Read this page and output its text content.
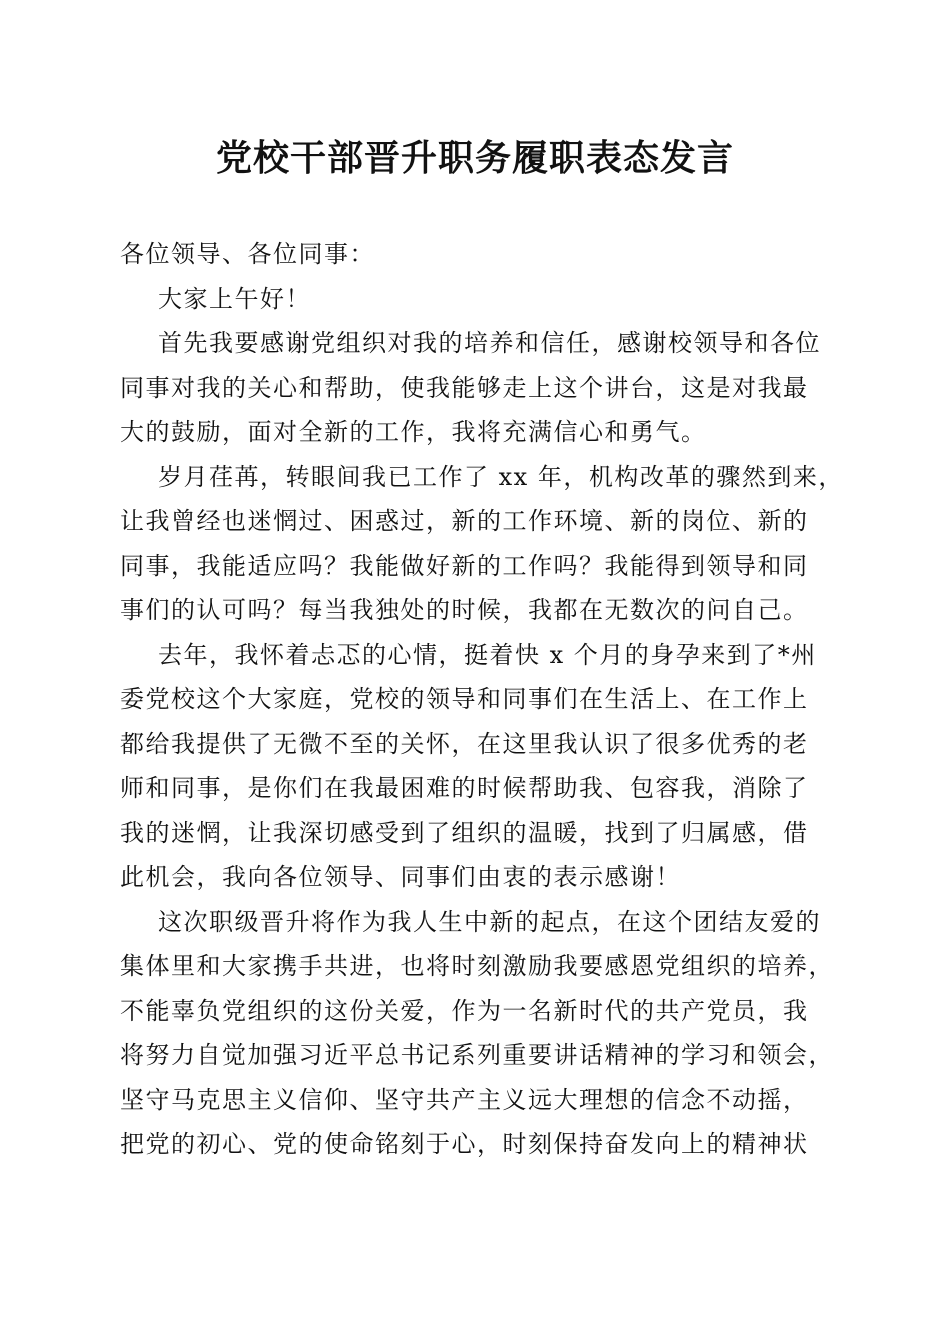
党校干部晋升职务履职表态发言

各位领导、各位同事：

大家上午好！

首先我要感谢党组织对我的培养和信任，感谢校领导和各位
同事对我的关心和帮助，使我能够走上这个讲台，这是对我最
大的鼓励，面对全新的工作，我将充满信心和勇气。

岁月荏苒，转眼间我已工作了 xx 年，机构改革的骤然到来，
让我曾经也迷惘过、困惑过，新的工作环境、新的岗位、新的
同事，我能适应吗？我能做好新的工作吗？我能得到领导和同
事们的认可吗？每当我独处的时候，我都在无数次的问自己。

去年，我怀着忐忑的心情，挺着快 x 个月的身孕来到了*州
委党校这个大家庭，党校的领导和同事们在生活上、在工作上
都给我提供了无微不至的关怀，在这里我认识了很多优秀的老
师和同事，是你们在我最困难的时候帮助我、包容我，消除了
我的迷惘，让我深切感受到了组织的温暖，找到了归属感，借
此机会，我向各位领导、同事们由衷的表示感谢！

这次职级晋升将作为我人生中新的起点，在这个团结友爱的
集体里和大家携手共进，也将时刻激励我要感恩党组织的培养，
不能辜负党组织的这份关爱，作为一名新时代的共产党员，我
将努力自觉加强习近平总书记系列重要讲话精神的学习和领会，
坚守马克思主义信仰、坚守共产主义远大理想的信念不动摇，
把党的初心、党的使命铭刻于心，时刻保持奋发向上的精神状
